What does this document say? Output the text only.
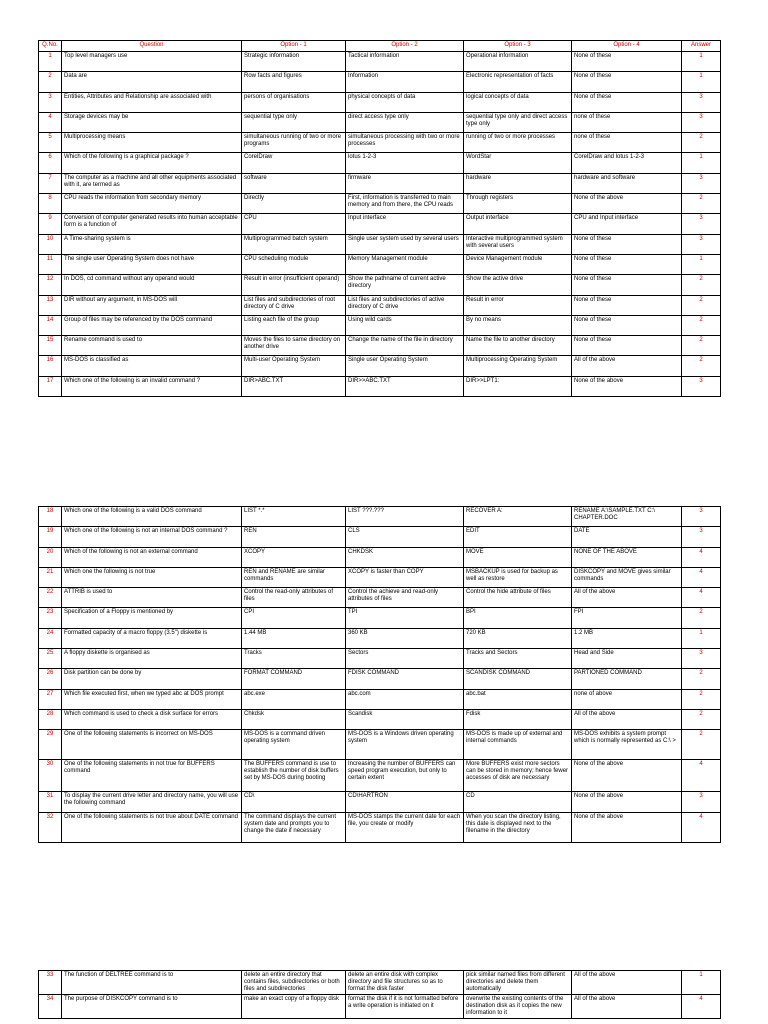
Q.No.	Question	Option - 1	Option - 2	Option - 3	Option - 4	Answer
1	Top level managers use	Strategic information	Tactical information	Operational information	None of these	1
2	Data are	Row facts and figures	Information	Electronic representation of facts	None of these	1
3	Entities, Attributes and Relationship are associated with	persons of organisations	physical concepts of data	logical concepts of data	None of these	3
4	Storage devices may be	sequential type only	direct access type only	sequential type only and direct access type only	none of these	3
5	Multiprocessing means	simultaneous running of two or more programs	simultaneous processing with two or more processes	running of two or more processes	none of these	2
6	Which of the following is a graphical package ?	CorelDraw	lotus 1-2-3	WordStar	CorelDraw and lotus 1-2-3	1
7	The computer as a machine and all other equipments associated with it, are termed as	software	firmware	hardware	hardware and software	3
8	CPU reads the information from secondary memory	Directly	First, information is transferred to main memory and from there, the CPU reads	Through registers	None of the above	2
9	Conversion of computer generated results into human acceptable form is a function of	CPU	Input interface	Output interface	CPU and Input interface	3
10	A Time-sharing system is	Multiprogrammed batch system	Single user system used by several users	Interactive multiprogrammed system with several users	None of these	3
11	The single user Operating System does not have	CPU scheduling module	Memory Management module	Device Management module	None of these	1
12	In DOS, cd command without any operand would	Result in error (insufficient operand)	Show the pathname of current active directory	Show the active drive	None of these	2
13	DIR without any argument, in MS-DOS will	List files and subdirectories of root directory of C drive	List files and subdirectories of active directory of C drive	Result in error	None of these	2
14	Group of files may be referenced by the DOS command	Listing each file of the group	Using wild cards	By no means	None of these	2
15	Rename command is used to	Moves the files to same directory on another drive	Change the name of the file in directory	Name the file to another directory	None of these	2
16	MS-DOS is classified as	Multi-user Operating System	Single user Operating System	Multiprocessing Operating System	All of the above	2
17	Which one of the following is an invalid command ?	DIR>ABC.TXT	DIR>>ABC.TXT	DIR>>LPT1:	None of the above	3
18	Which one of the following is a valid DOS command	LIST *.*	LIST ???.???	RECOVER A:	RENAME A:\SAMPLE.TXT C:\ CHAPTER.DOC	3
19	Which one of the following is not an internal DOS command ?	REN	CLS	EDIT	DATE	3
20	Which of the following is not an external command	XCOPY	CHKDSK	MOVE	NONE OF THE ABOVE	4
21	Which one the following is not true	REN and RENAME are similar commands	XCOPY is faster than COPY	MSBACKUP is used for backup as well as restore	DISKCOPY and MOVE gives similar commands	4
22	ATTRIB is used to	Control the read-only attributes of files	Control the achieve and read-only attributes of files	Control the hide attribute of files	All of the above	4
23	Specification of a Floppy is mentioned by	CPI	TPI	BPI	FPI	2
24	Formatted capacity of a macro floppy (3.5") diskette is	1.44 MB	360 KB	720 KB	1.2 MB	1
25	A floppy diskette is organised as	Tracks	Sectors	Tracks and Sectors	Head and Side	3
26	Disk partition can be done by	FORMAT COMMAND	FDISK COMMAND	SCANDISK COMMAND	PARTIONED COMMAND	2
27	Which file executed first, when we typed abc at DOS prompt	abc.exe	abc.com	abc.bat	none of above	2
28	Which command is used to check a disk surface for errors	Chkdsk	Scandisk	Fdisk	All of the above	2
29	One of the following statements is incorrect on MS-DOS	MS-DOS is a command driven operating system	MS-DOS is a Windows driven operating system	MS-DOS is made up of external and internal commands	MS-DOS exhibits a system prompt which is normally represented as C:\ >	2
30	One of the following statements in not true for BUFFERS command	The BUFFERS command is use to establish the number of disk buffers set by MS-DOS during booting	Increasing the number of BUFFERS can speed program execution, but only to certain extent	More BUFFERS exist more sectors can be stored in memory; hence fewer accesses of disk are necessary	None of the above	4
31	To display the current drive letter and directory name, you will use the following command	CD\	CD\HARTRON	CD	None of the above	3
32	One of the following statements is not true about DATE command	The command displays the current system date and prompts you to change the date if necessary	MS-DOS stamps the current date for each file, you create or modify	When you scan the directory listing, this date is displayed next to the filename in the directory	None of the above	4
33	The function of DELTREE command is to	delete an entire directory that contains files, subdirectories or both files and subdirectories	delete an entire disk with complex directory and file structures so as to format the disk faster	pick similar named files from different directories and delete them automatically	All of the above	1
34	The purpose of DISKCOPY command is to	make an exact copy of a floppy disk	format the disk if it is not formatted before a write operation is initiated on it	overwrite the existing contents of the destination disk as it copies the new information to it	All of the above	4
